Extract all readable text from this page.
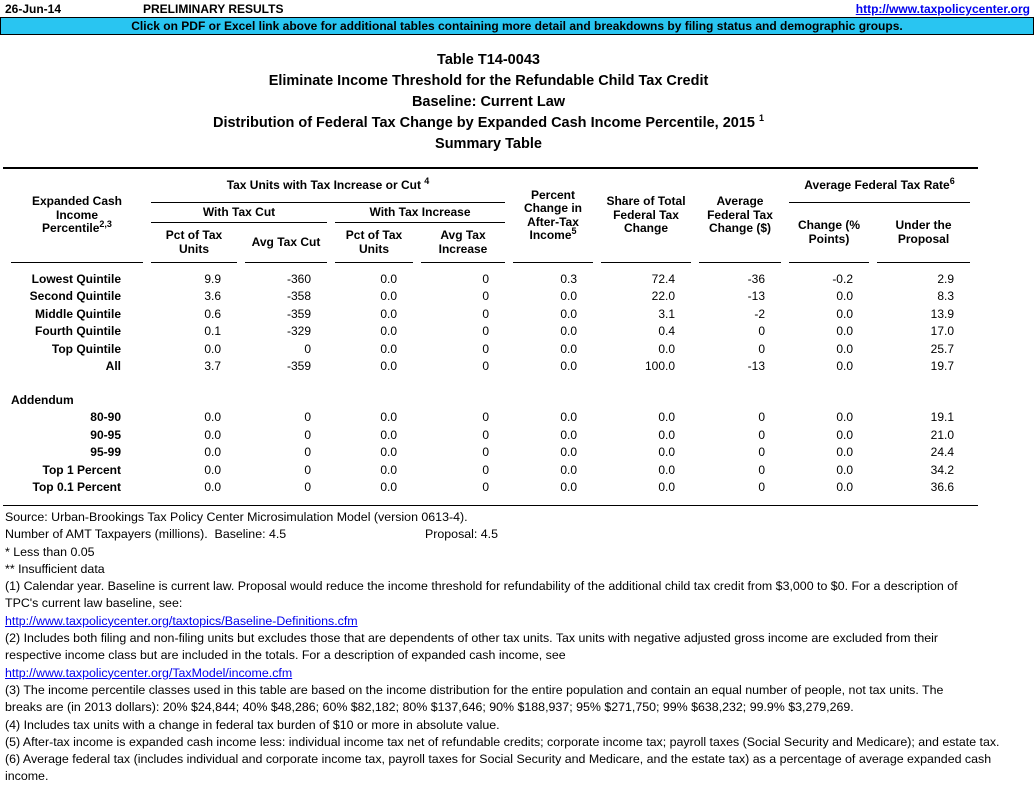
26-Jun-14	PRELIMINARY RESULTS	http://www.taxpolicycenter.org
Click on PDF or Excel link above for additional tables containing more detail and breakdowns by filing status and demographic groups.
Table T14-0043
Eliminate Income Threshold for the Refundable Child Tax Credit
Baseline: Current Law
Distribution of Federal Tax Change by Expanded Cash Income Percentile, 2015 $^1$
Summary Table
Expanded Cash Income
Percentile$^{2,3}$	Tax Units with Tax Increase or Cut $^4$				Percent Change in After-Tax Income$^5$	Share of Total Federal Tax Change	Average Federal Tax Change ($)	Average Federal Tax Rate$^6$
	With Tax Cut		With Tax Increase					Change (% Points)	Under the Proposal
	Pct of Tax Units	Avg Tax Cut	Pct of Tax Units	Avg Tax Increase					

Lowest Quintile	9.9	-360	0.0	0	0.3	72.4	-36	-0.2	2.9
Second Quintile	3.6	-358	0.0	0	0.0	22.0	-13	0.0	8.3
Middle Quintile	0.6	-359	0.0	0	0.0	3.1	-2	0.0	13.9
Fourth Quintile	0.1	-329	0.0	0	0.0	0.4	0	0.0	17.0
Top Quintile	0.0	0	0.0	0	0.0	0.0	0	0.0	25.7
All	3.7	-359	0.0	0	0.0	100.0	-13	0.0	19.7

Addendum									
80-90	0.0	0	0.0	0	0.0	0.0	0	0.0	19.1
90-95	0.0	0	0.0	0	0.0	0.0	0	0.0	21.0
95-99	0.0	0	0.0	0	0.0	0.0	0	0.0	24.4
Top 1 Percent	0.0	0	0.0	0	0.0	0.0	0	0.0	34.2
Top 0.1 Percent	0.0	0	0.0	0	0.0	0.0	0	0.0	36.6
Source: Urban-Brookings Tax Policy Center Microsimulation Model (version 0613-4).
Number of AMT Taxpayers (millions).  Baseline: 4.5	Proposal: 4.5
* Less than 0.05
** Insufficient data
(1) Calendar year. Baseline is current law. Proposal would reduce the income threshold for refundability of the additional child tax credit from $3,000 to $0. For a description of
TPC's current law baseline, see:
http://www.taxpolicycenter.org/taxtopics/Baseline-Definitions.cfm
(2) Includes both filing and non-filing units but excludes those that are dependents of other tax units. Tax units with negative adjusted gross income are excluded from their
respective income class but are included in the totals. For a description of expanded cash income, see
http://www.taxpolicycenter.org/TaxModel/income.cfm
(3) The income percentile classes used in this table are based on the income distribution for the entire population and contain an equal number of people, not tax units. The
breaks are (in 2013 dollars): 20% $24,844; 40% $48,286; 60% $82,182; 80% $137,646; 90% $188,937; 95% $271,750; 99% $638,232; 99.9% $3,279,269.
(4) Includes tax units with a change in federal tax burden of $10 or more in absolute value.
(5) After-tax income is expanded cash income less: individual income tax net of refundable credits; corporate income tax; payroll taxes (Social Security and Medicare); and estate tax.
(6) Average federal tax (includes individual and corporate income tax, payroll taxes for Social Security and Medicare, and the estate tax) as a percentage of average expanded cash income.
